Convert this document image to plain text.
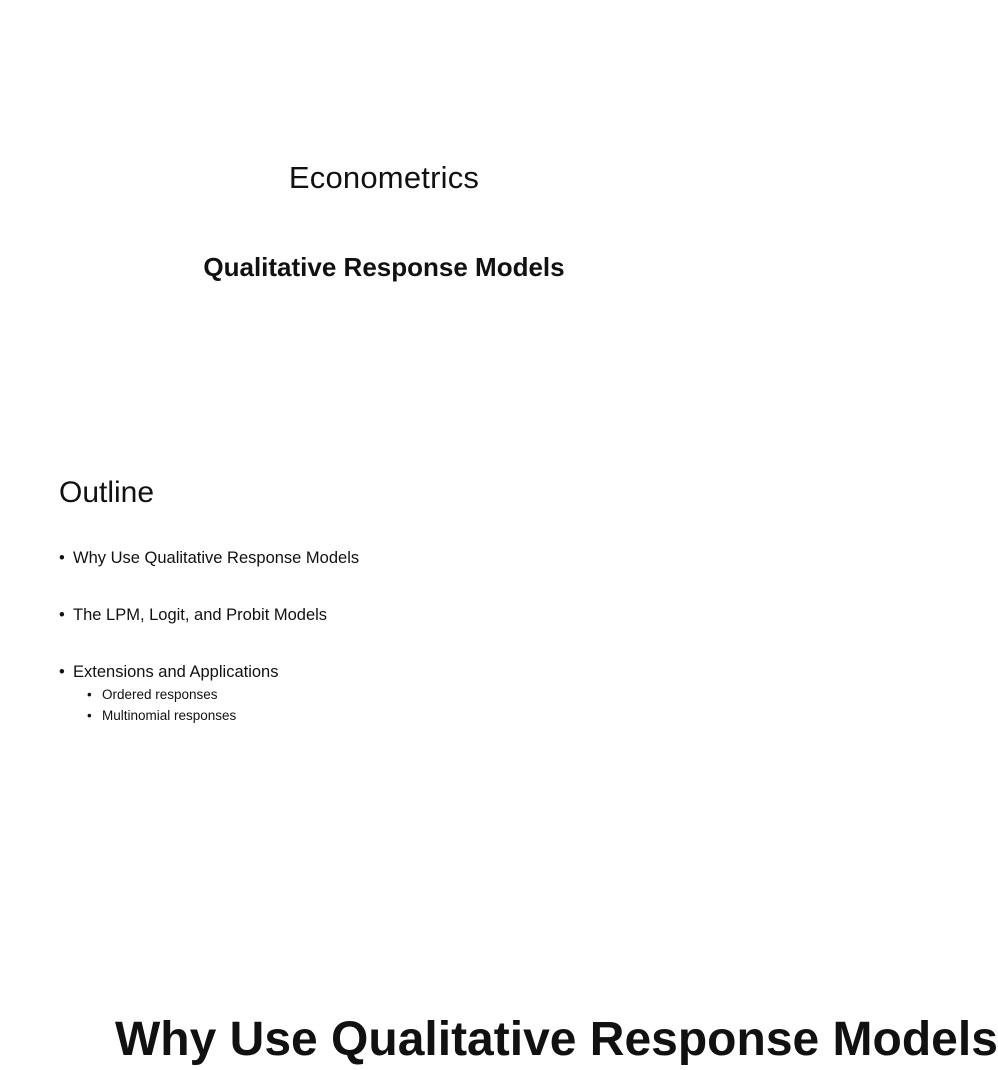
Econometrics
Qualitative Response Models
Outline
• Why Use Qualitative Response Models
• The LPM, Logit, and Probit Models
• Extensions and Applications
• Ordered responses
• Multinomial responses
Why Use Qualitative Response Models
